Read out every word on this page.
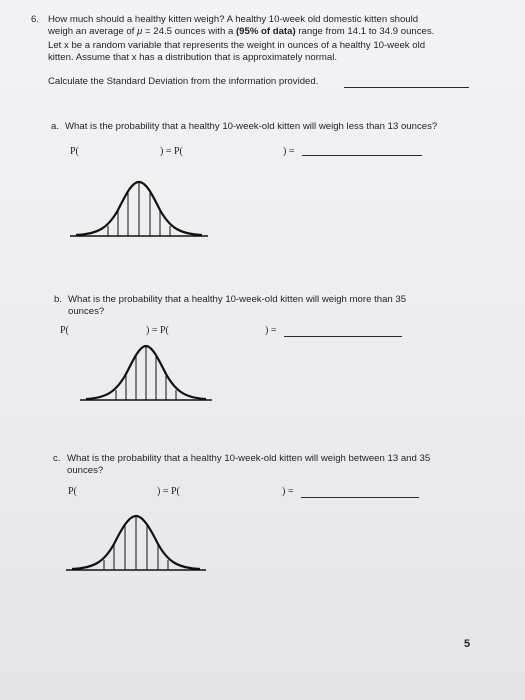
6. How much should a healthy kitten weigh? A healthy 10-week old domestic kitten should
weigh an average of μ = 24.5 ounces with a (95% of data) range from 14.1 to 34.9 ounces.
Let x be a random variable that represents the weight in ounces of a healthy 10-week old
kitten. Assume that x has a distribution that is approximately normal.
Calculate the Standard Deviation from the information provided.
a. What is the probability that a healthy 10-week-old kitten will weigh less than 13 ounces?
P(	) = P(	) =
b. What is the probability that a healthy 10-week-old kitten will weigh more than 35
ounces?
P(	) = P(	) =
c. What is the probability that a healthy 10-week-old kitten will weigh between 13 and 35
ounces?
P(	) = P(	) =
5
